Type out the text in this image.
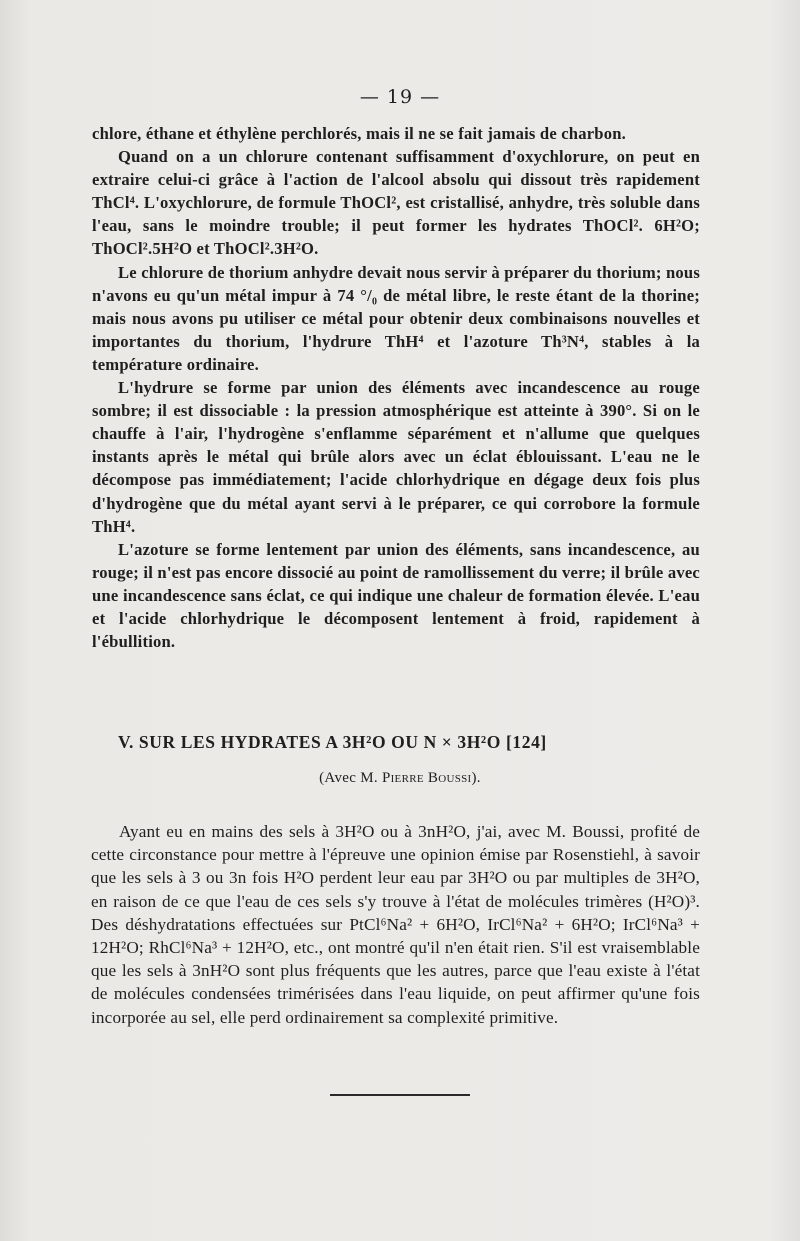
— 19 —

chlore, éthane et éthylène perchlorés, mais il ne se fait jamais de charbon.

Quand on a un chlorure contenant suffisamment d'oxychlorure, on peut en extraire celui-ci grâce à l'action de l'alcool absolu qui dissout très rapidement ThCl⁴. L'oxychlorure, de formule ThOCl², est cristallisé, anhydre, très soluble dans l'eau, sans le moindre trouble; il peut former les hydrates ThOCl². 6H²O; ThOCl².5H²O et ThOCl².3H²O.

Le chlorure de thorium anhydre devait nous servir à préparer du thorium; nous n'avons eu qu'un métal impur à 74 °/₀ de métal libre, le reste étant de la thorine; mais nous avons pu utiliser ce métal pour obtenir deux combinaisons nouvelles et importantes du thorium, l'hydrure ThH⁴ et l'azoture Th³N⁴, stables à la température ordinaire.

L'hydrure se forme par union des éléments avec incandescence au rouge sombre; il est dissociable : la pression atmosphérique est atteinte à 390°. Si on le chauffe à l'air, l'hydrogène s'enflamme séparément et n'allume que quelques instants après le métal qui brûle alors avec un éclat éblouissant. L'eau ne le décompose pas immédiatement; l'acide chlorhydrique en dégage deux fois plus d'hydrogène que du métal ayant servi à le préparer, ce qui corrobore la formule ThH⁴.

L'azoture se forme lentement par union des éléments, sans incandescence, au rouge; il n'est pas encore dissocié au point de ramollissement du verre; il brûle avec une incandescence sans éclat, ce qui indique une chaleur de formation élevée. L'eau et l'acide chlorhydrique le décomposent lentement à froid, rapidement à l'ébullition.

V. SUR LES HYDRATES A 3H²O OU N × 3H²O [124]
(Avec M. Pierre Boussi).

Ayant eu en mains des sels à 3H²O ou à 3nH²O, j'ai, avec M. Boussi, profité de cette circonstance pour mettre à l'épreuve une opinion émise par Rosenstiehl, à savoir que les sels à 3 ou 3n fois H²O perdent leur eau par 3H²O ou par multiples de 3H²O, en raison de ce que l'eau de ces sels s'y trouve à l'état de molécules trimères (H²O)³. Des déshydratations effectuées sur PtCl⁶Na² + 6H²O, IrCl⁶Na² + 6H²O; IrCl⁶Na³ + 12H²O; RhCl⁶Na³ + 12H²O, etc., ont montré qu'il n'en était rien. S'il est vraisemblable que les sels à 3nH²O sont plus fréquents que les autres, parce que l'eau existe à l'état de molécules condensées trimérisées dans l'eau liquide, on peut affirmer qu'une fois incorporée au sel, elle perd ordinairement sa complexité primitive.
